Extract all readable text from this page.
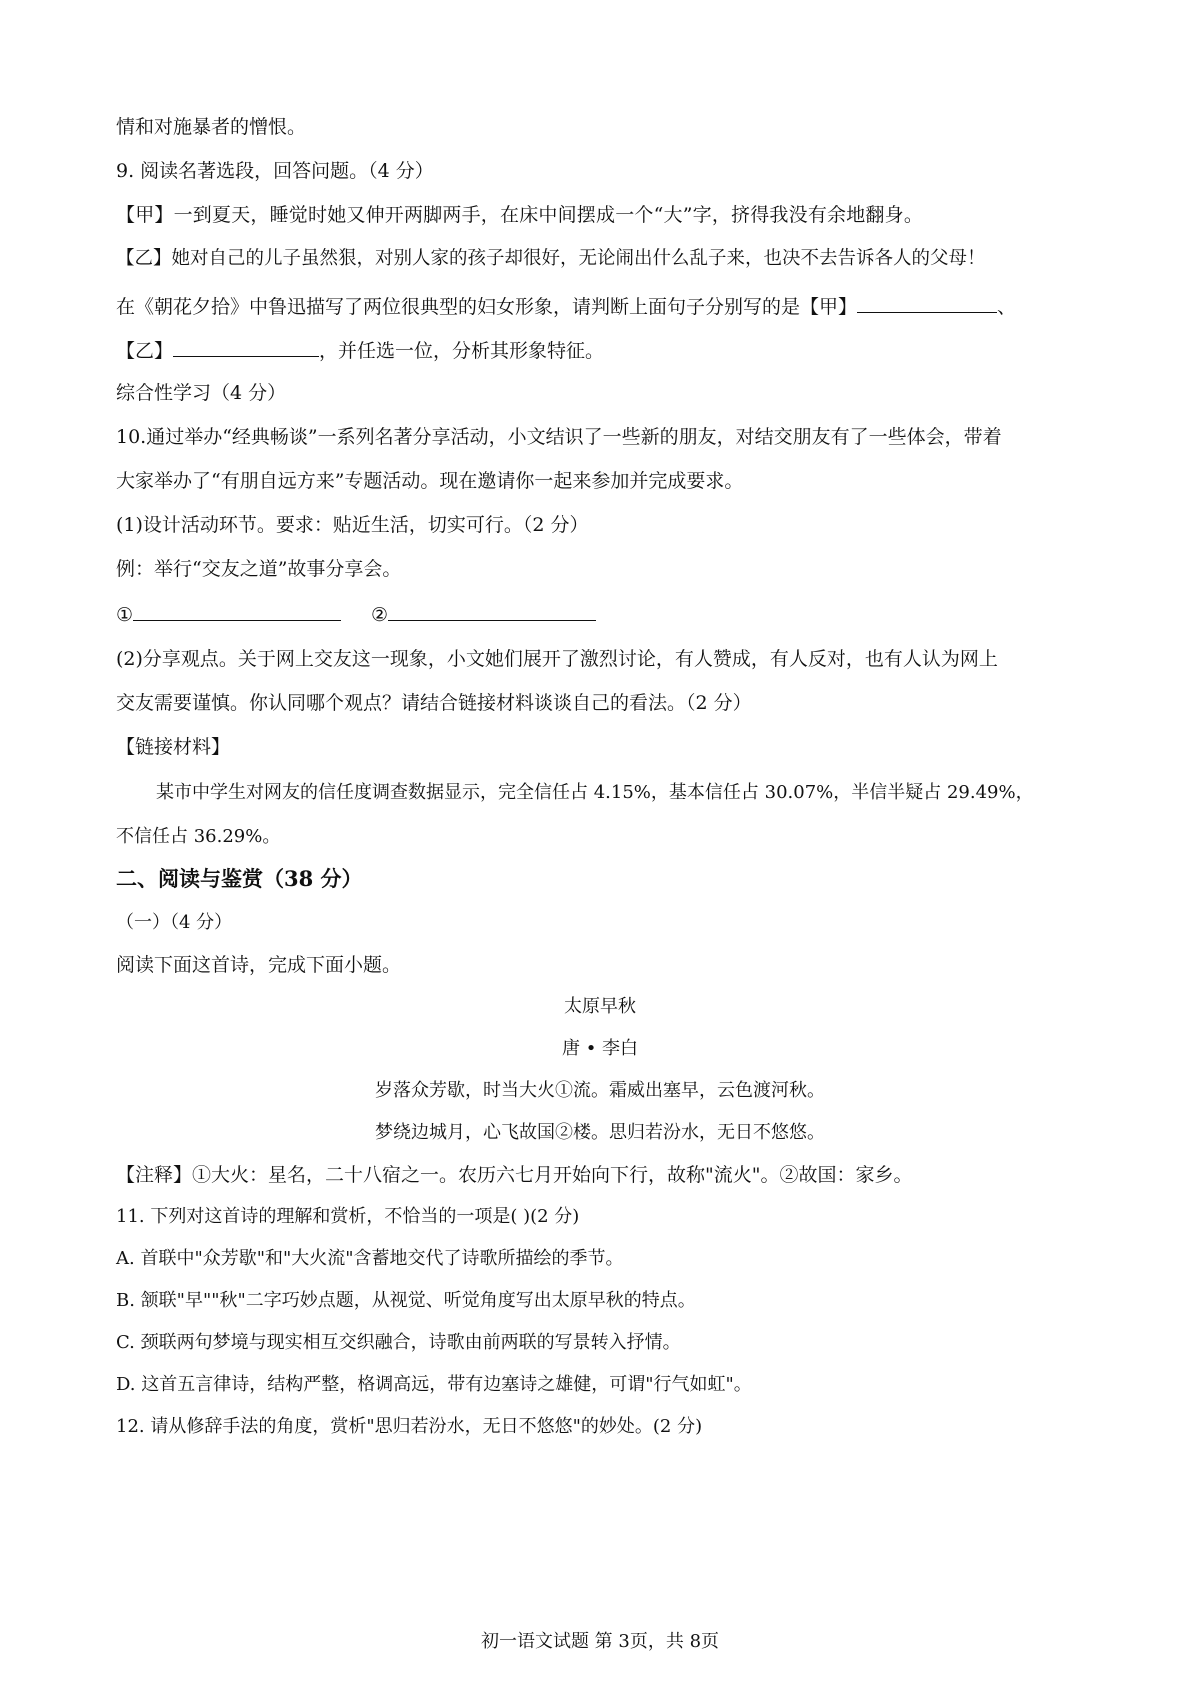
情和对施暴者的憎恨。
9. 阅读名著选段，回答问题。（4 分）
【甲】一到夏天，睡觉时她又伸开两脚两手，在床中间摆成一个“大”字，挤得我没有余地翻身。
【乙】她对自己的儿子虽然狠，对别人家的孩子却很好，无论闹出什么乱子来，也决不去告诉各人的父母！
在《朝花夕拾》中鲁迅描写了两位很典型的妇女形象，请判断上面句子分别写的是【甲】	、
【乙】	，并任选一位，分析其形象特征。
综合性学习（4 分）
10.通过举办“经典畅谈”一系列名著分享活动，小文结识了一些新的朋友，对结交朋友有了一些体会，带着
大家举办了“有朋自远方来”专题活动。现在邀请你一起来参加并完成要求。
(1)设计活动环节。要求：贴近生活，切实可行。（2 分）
例：举行“交友之道”故事分享会。
①	②
(2)分享观点。关于网上交友这一现象，小文她们展开了激烈讨论，有人赞成，有人反对，也有人认为网上
交友需要谨慎。你认同哪个观点？请结合链接材料谈谈自己的看法。（2 分）
【链接材料】
某市中学生对网友的信任度调查数据显示，完全信任占 4.15%，基本信任占 30.07%，半信半疑占 29.49%，
不信任占 36.29%。
二、阅读与鉴赏（38 分）
（一）（4 分）
阅读下面这首诗，完成下面小题。
太原早秋
唐 • 李白
岁落众芳歇，时当大火①流。霜威出塞早，云色渡河秋。
梦绕边城月，心飞故国②楼。思归若汾水，无日不悠悠。
【注释】①大火：星名，二十八宿之一。农历六七月开始向下行，故称"流火"。②故国：家乡。
11. 下列对这首诗的理解和赏析，不恰当的一项是( )(2 分)
A. 首联中"众芳歇"和"大火流"含蓄地交代了诗歌所描绘的季节。
B. 颔联"早""秋"二字巧妙点题，从视觉、听觉角度写出太原早秋的特点。
C. 颈联两句梦境与现实相互交织融合，诗歌由前两联的写景转入抒情。
D. 这首五言律诗，结构严整，格调高远，带有边塞诗之雄健，可谓"行气如虹"。
12. 请从修辞手法的角度，赏析"思归若汾水，无日不悠悠"的妙处。(2 分)
初一语文试题 第 3页，共 8页
